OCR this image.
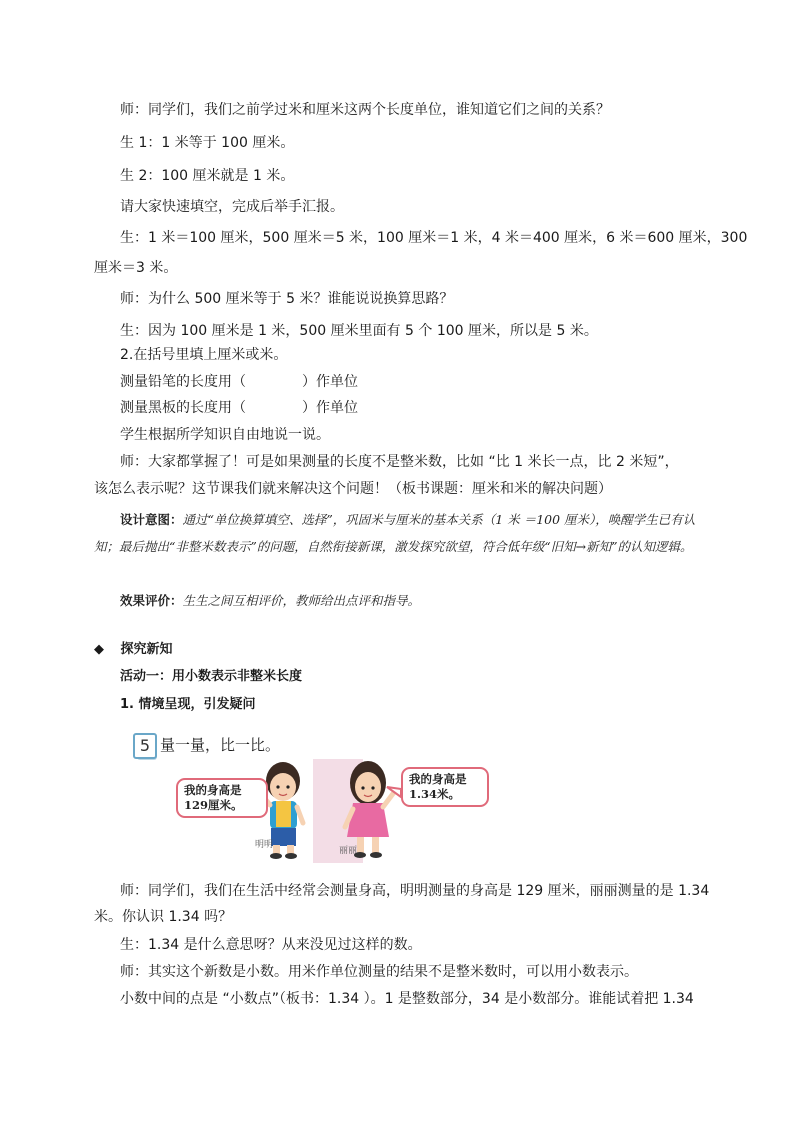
师：同学们，我们之前学过米和厘米这两个长度单位，谁知道它们之间的关系？
生 1：1 米等于 100 厘米。
生 2：100 厘米就是 1 米。
请大家快速填空，完成后举手汇报。
生：1 米＝100 厘米，500 厘米＝5 米，100 厘米＝1 米，4 米＝400 厘米，6 米＝600 厘米，300
厘米＝3 米。
师：为什么 500 厘米等于 5 米？谁能说说换算思路？
生：因为 100 厘米是 1 米，500 厘米里面有 5 个 100 厘米，所以是 5 米。
2.在括号里填上厘米或米。
测量铅笔的长度用（	）作单位
测量黑板的长度用（	）作单位
学生根据所学知识自由地说一说。
师：大家都掌握了！可是如果测量的长度不是整米数，比如 “比 1 米长一点，比 2 米短”，
该怎么表示呢？这节课我们就来解决这个问题！（板书课题：厘米和米的解决问题）
设计意图：通过“单位换算填空、选择”，巩固米与厘米的基本关系（1 米 ＝100 厘米），唤醒学生已有认知；最后抛出“非整米数表示”的问题，自然衔接新课，激发探究欲望，符合低年级“旧知→新知”的认知逻辑。
效果评价：生生之间互相评价，教师给出点评和指导。
◆ 探究新知
活动一：用小数表示非整米长度
1. 情境呈现，引发疑问
5 量一量，比一比。
我的身高是
129厘米。
我的身高是
1.34米。
明明
丽丽
师：同学们，我们在生活中经常会测量身高，明明测量的身高是 129 厘米，丽丽测量的是 1.34
米。你认识 1.34 吗？
生：1.34 是什么意思呀？从来没见过这样的数。
师：其实这个新数是小数。用米作单位测量的结果不是整米数时，可以用小数表示。
小数中间的点是 “小数点”（板书：1.34 ）。1 是整数部分，34 是小数部分。谁能试着把 1.34
